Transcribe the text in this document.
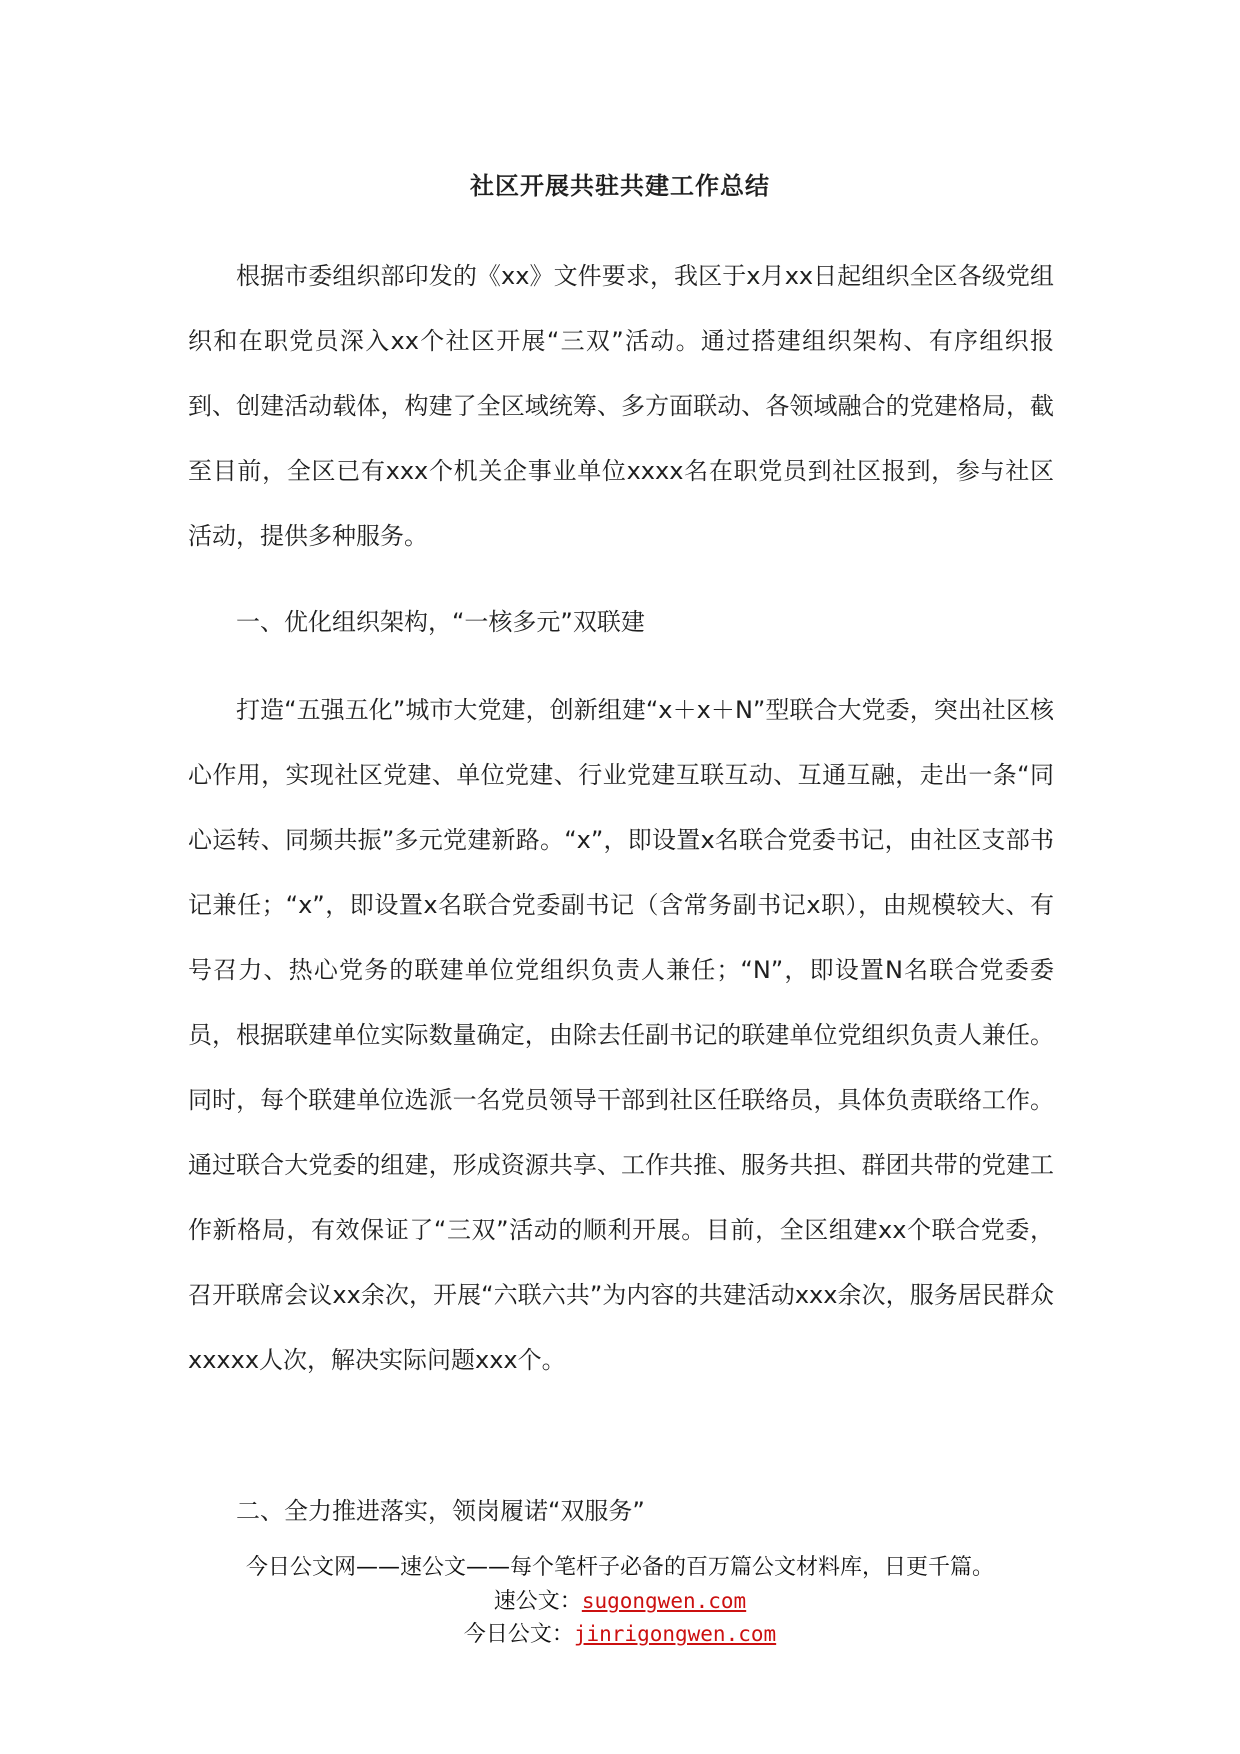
社区开展共驻共建工作总结

根据市委组织部印发的《xx》文件要求，我区于x月xx日起组织全区各级党组织和在职党员深入xx个社区开展“三双”活动。通过搭建组织架构、有序组织报到、创建活动载体，构建了全区域统筹、多方面联动、各领域融合的党建格局，截至目前，全区已有xxx个机关企事业单位xxxx名在职党员到社区报到，参与社区活动，提供多种服务。

一、优化组织架构，“一核多元”双联建

打造“五强五化”城市大党建，创新组建“x＋x＋N”型联合大党委，突出社区核心作用，实现社区党建、单位党建、行业党建互联互动、互通互融，走出一条“同心运转、同频共振”多元党建新路。“x”，即设置x名联合党委书记，由社区支部书记兼任；“x”，即设置x名联合党委副书记（含常务副书记x职），由规模较大、有号召力、热心党务的联建单位党组织负责人兼任；“N”，即设置N名联合党委委员，根据联建单位实际数量确定，由除去任副书记的联建单位党组织负责人兼任。同时，每个联建单位选派一名党员领导干部到社区任联络员，具体负责联络工作。通过联合大党委的组建，形成资源共享、工作共推、服务共担、群团共带的党建工作新格局，有效保证了“三双”活动的顺利开展。目前，全区组建xx个联合党委，召开联席会议xx余次，开展“六联六共”为内容的共建活动xxx余次，服务居民群众xxxxx人次，解决实际问题xxx个。

二、全力推进落实，领岗履诺“双服务”

今日公文网——速公文——每个笔杆子必备的百万篇公文材料库，日更千篇。
速公文：sugongwen.com
今日公文：jinrigongwen.com
